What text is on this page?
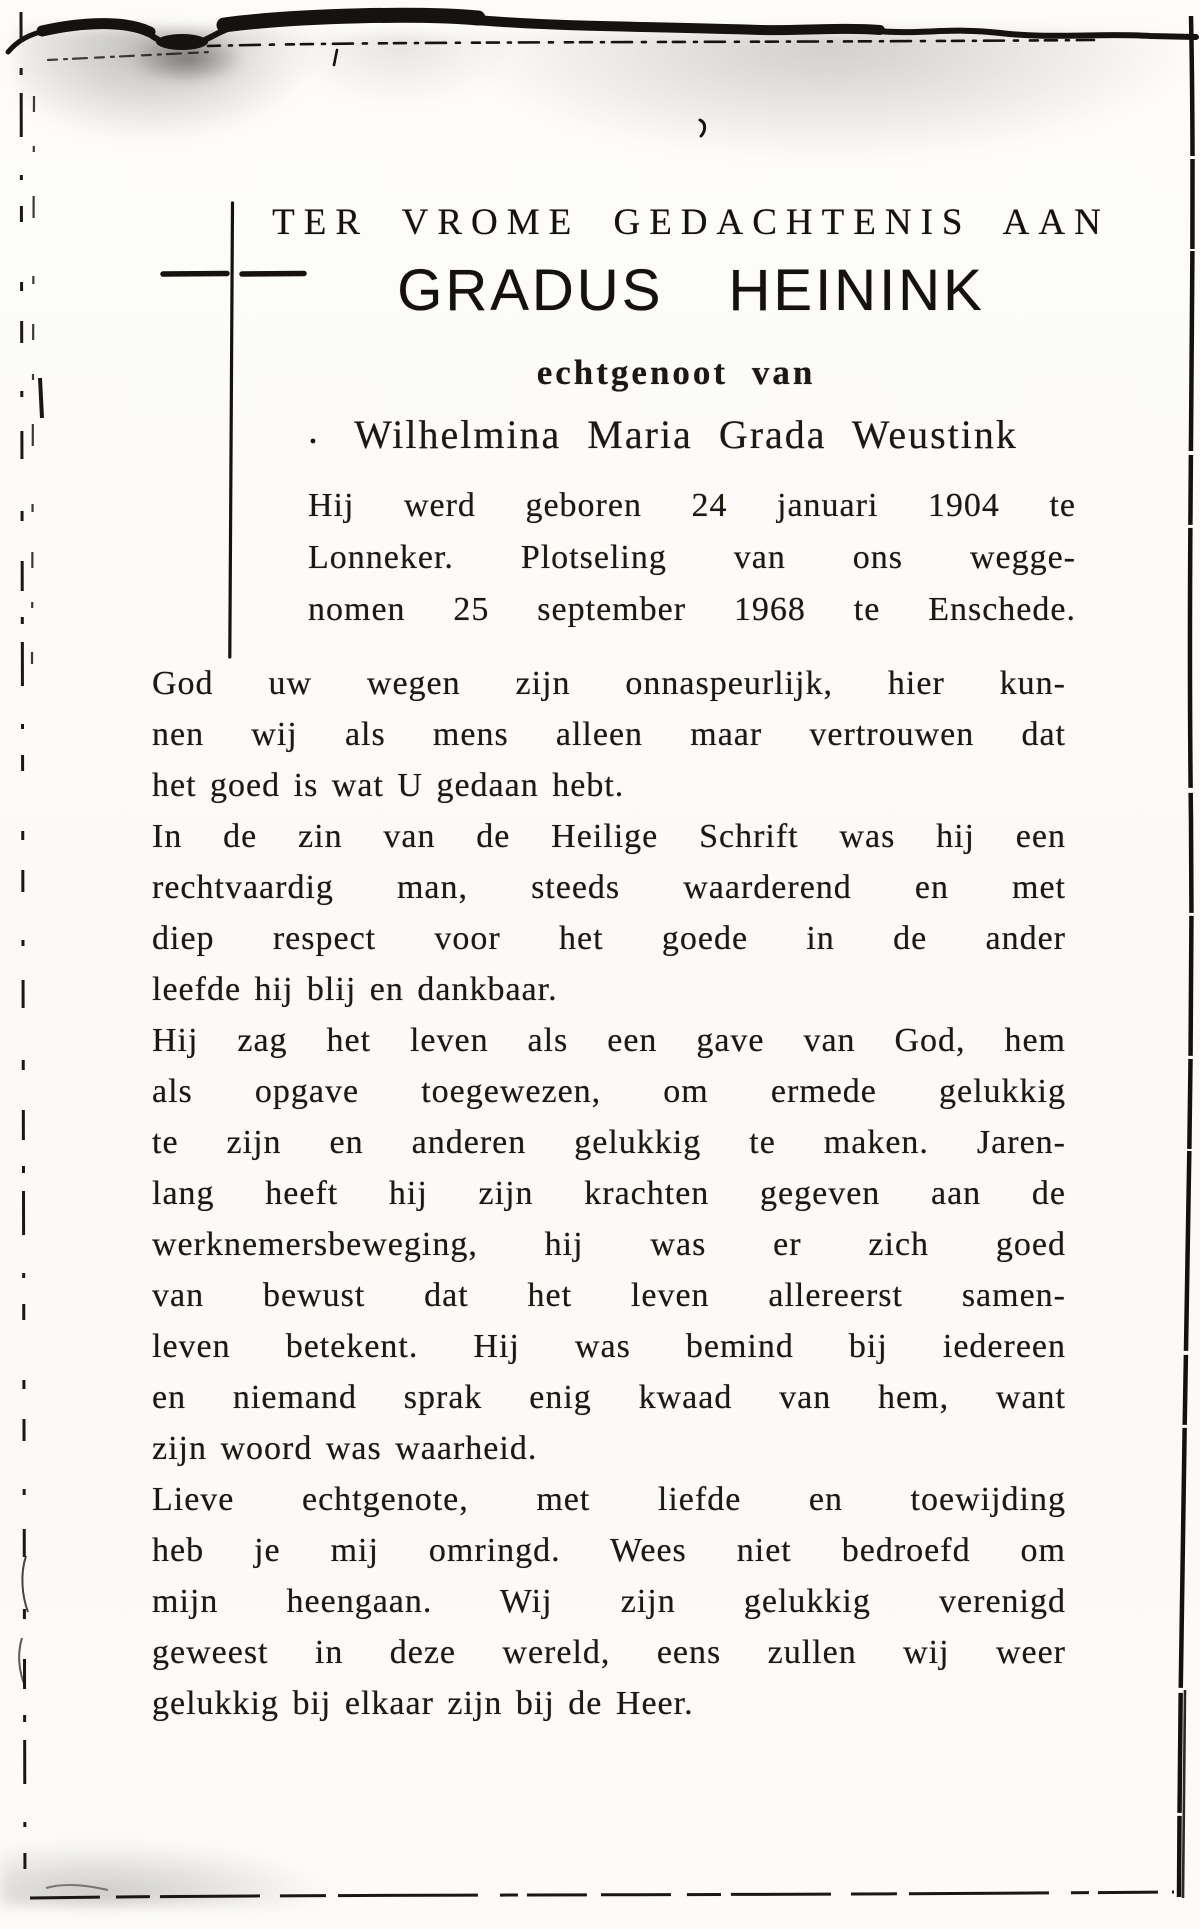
TER VROME GEDACHTENIS AAN
GRADUS HEININK
echtgenoot van
Wilhelmina Maria Grada Weustink
Hij werd geboren 24 januari 1904 te
Lonneker. Plotseling van ons wegge-
nomen 25 september 1968 te Enschede.
God uw wegen zijn onnaspeurlijk, hier kun-
nen wij als mens alleen maar vertrouwen dat
het goed is wat U gedaan hebt.
In de zin van de Heilige Schrift was hij een
rechtvaardig man, steeds waarderend en met
diep respect voor het goede in de ander
leefde hij blij en dankbaar.
Hij zag het leven als een gave van God, hem
als opgave toegewezen, om ermede gelukkig
te zijn en anderen gelukkig te maken. Jaren-
lang heeft hij zijn krachten gegeven aan de
werknemersbeweging, hij was er zich goed
van bewust dat het leven allereerst samen-
leven betekent. Hij was bemind bij iedereen
en niemand sprak enig kwaad van hem, want
zijn woord was waarheid.
Lieve echtgenote, met liefde en toewijding
heb je mij omringd. Wees niet bedroefd om
mijn heengaan. Wij zijn gelukkig verenigd
geweest in deze wereld, eens zullen wij weer
gelukkig bij elkaar zijn bij de Heer.
